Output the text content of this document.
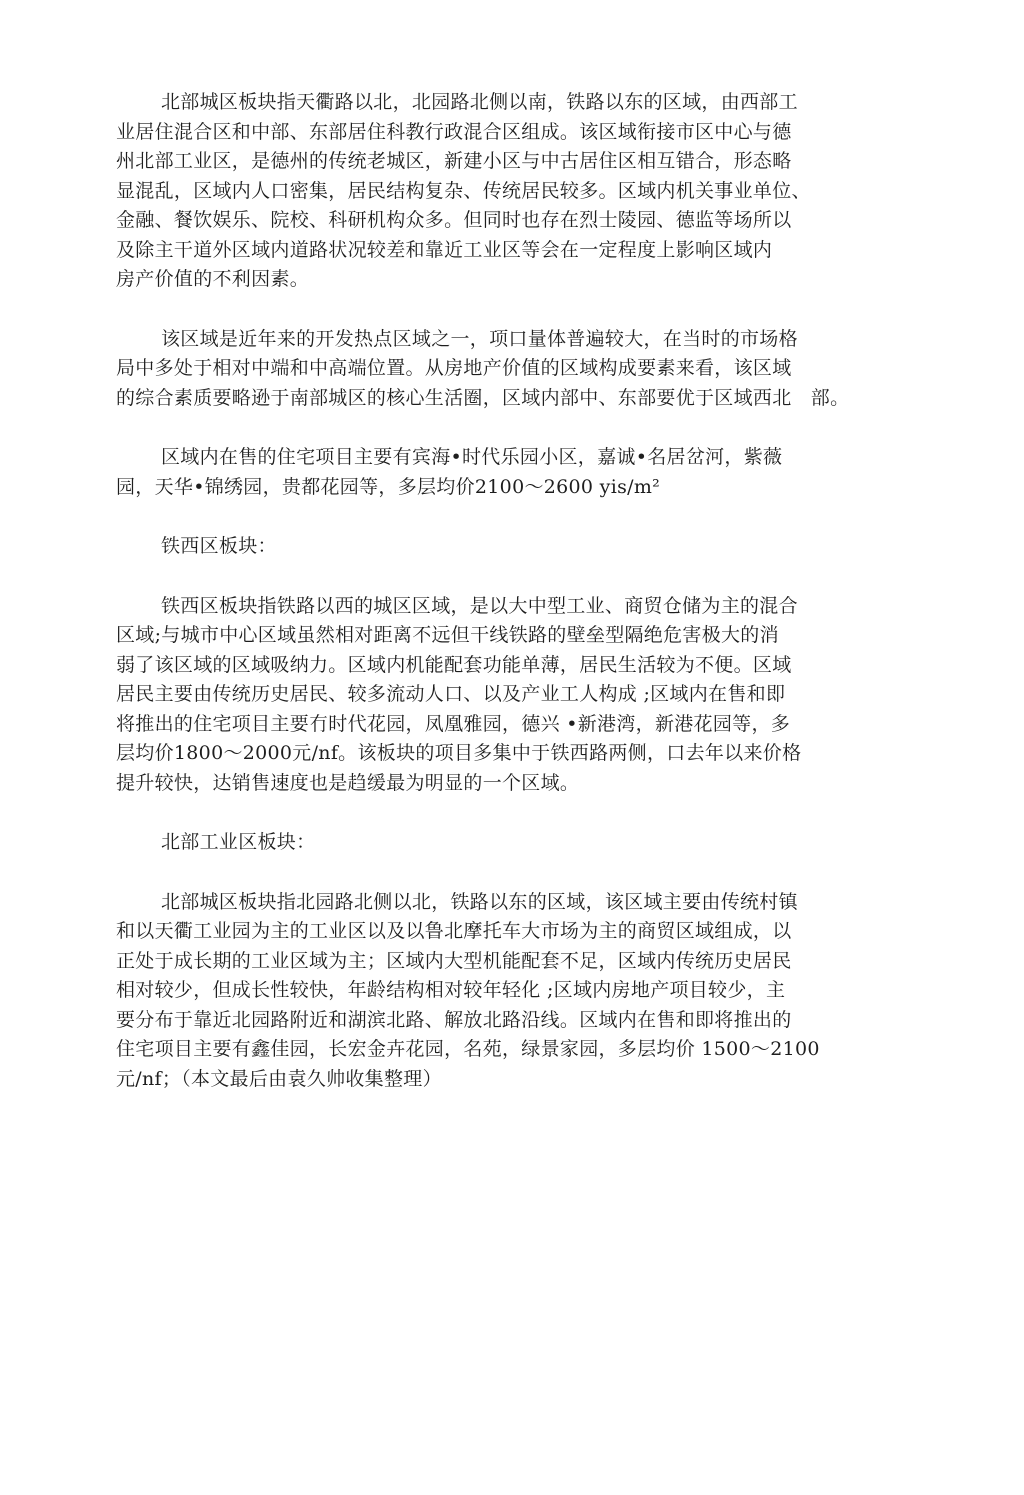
北部城区板块指天衢路以北，北园路北侧以南，铁路以东的区域，由西部工
业居住混合区和中部、东部居住科教行政混合区组成。该区域衔接市区中心与德
州北部工业区，是德州的传统老城区，新建小区与中古居住区相互错合，形态略
显混乱，区域内人口密集，居民结构复杂、传统居民较多。区域内机关事业单位、
金融、餐饮娱乐、院校、科研机构众多。但同时也存在烈士陵园、德监等场所以
及除主干道外区域内道路状况较差和靠近工业区等会在一定程度上影响区域内
房产价值的不利因素。
该区域是近年来的开发热点区域之一，项口量体普遍较大，在当时的市场格
局中多处于相对中端和中高端位置。从房地产价值的区域构成要素来看，该区域
的综合素质要略逊于南部城区的核心生活圈，区域内部中、东部要优于区域西北　部。
区域内在售的住宅项目主要有宾海•时代乐园小区，嘉诚•名居岔河，紫薇
园，天华•锦绣园，贵都花园等，多层均价2100〜2600 yis/m²
铁西区板块：
铁西区板块指铁路以西的城区区域，是以大中型工业、商贸仓储为主的混合
区域;与城市中心区域虽然相对距离不远但干线铁路的壁垒型隔绝危害极大的消
弱了该区域的区域吸纳力。区域内机能配套功能单薄，居民生活较为不便。区域
居民主要由传统历史居民、较多流动人口、以及产业工人构成 ;区域内在售和即
将推出的住宅项目主要冇时代花园，凤凰雅园，德兴 •新港湾，新港花园等，多
层均价1800〜2000元/nf。该板块的项目多集中于铁西路两侧，口去年以来价格
提升较快，达销售速度也是趋缓最为明显的一个区域。
北部工业区板块：
北部城区板块指北园路北侧以北，铁路以东的区域，该区域主要由传统村镇
和以天衢工业园为主的工业区以及以鲁北摩托车大市场为主的商贸区域组成，以
正处于成长期的工业区域为主；区域内大型机能配套不足，区域内传统历史居民
相对较少，但成长性较快，年龄结构相对较年轻化 ;区域内房地产项目较少，主
要分布于靠近北园路附近和湖滨北路、解放北路沿线。区域内在售和即将推出的
住宅项目主要有鑫佳园，长宏金卉花园，名苑，绿景家园，多层均价 1500〜2100
元/nf；（本文最后由袁久帅收集整理）
